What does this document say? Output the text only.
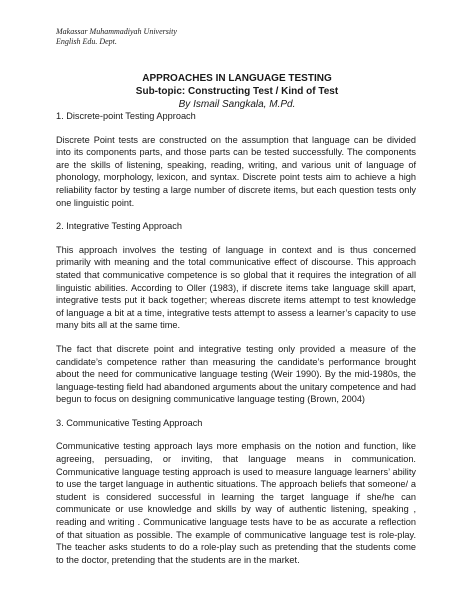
Makassar Muhammadiyah University
English Edu. Dept.
APPROACHES IN LANGUAGE TESTING
Sub-topic: Constructing Test / Kind of Test
By Ismail Sangkala, M.Pd.

1. Discrete-point Testing Approach

Discrete Point tests are constructed on the assumption that language can be divided into its components parts, and those parts can be tested successfully. The components are the skills of listening, speaking, reading, writing, and various unit of language of phonology, morphology, lexicon, and syntax. Discrete point tests aim to achieve a high reliability factor by testing a large number of discrete items, but each question tests only one linguistic point.

2. Integrative Testing Approach

This approach involves the testing of language in context and is thus concerned primarily with meaning and the total communicative effect of discourse. This approach stated that communicative competence is so global that it requires the integration of all linguistic abilities. According to Oller (1983), if discrete items take language skill apart, integrative tests put it back together; whereas discrete items attempt to test knowledge of language a bit at a time, integrative tests attempt to assess a learner’s capacity to use many bits all at the same time.

The fact that discrete point and integrative testing only provided a measure of the candidate’s competence rather than measuring the candidate’s performance brought about the need for communicative language testing (Weir 1990). By the mid-1980s, the language-testing field had abandoned arguments about the unitary competence and had begun to focus on designing communicative language testing (Brown, 2004)

3. Communicative Testing Approach

Communicative testing approach lays more emphasis on the notion and function, like agreeing, persuading, or inviting, that language means in communication. Communicative language testing approach is used to measure language learners’ ability to use the target language in authentic situations. The approach beliefs that someone/ a student is considered successful in learning the target language if she/he can communicate or use knowledge and skills by way of authentic listening, speaking , reading and writing . Communicative language tests have to be as accurate a reflection of that situation as possible. The example of communicative language test is role-play. The teacher asks students to do a role-play such as pretending that the students come to the doctor, pretending that the students are in the market.
